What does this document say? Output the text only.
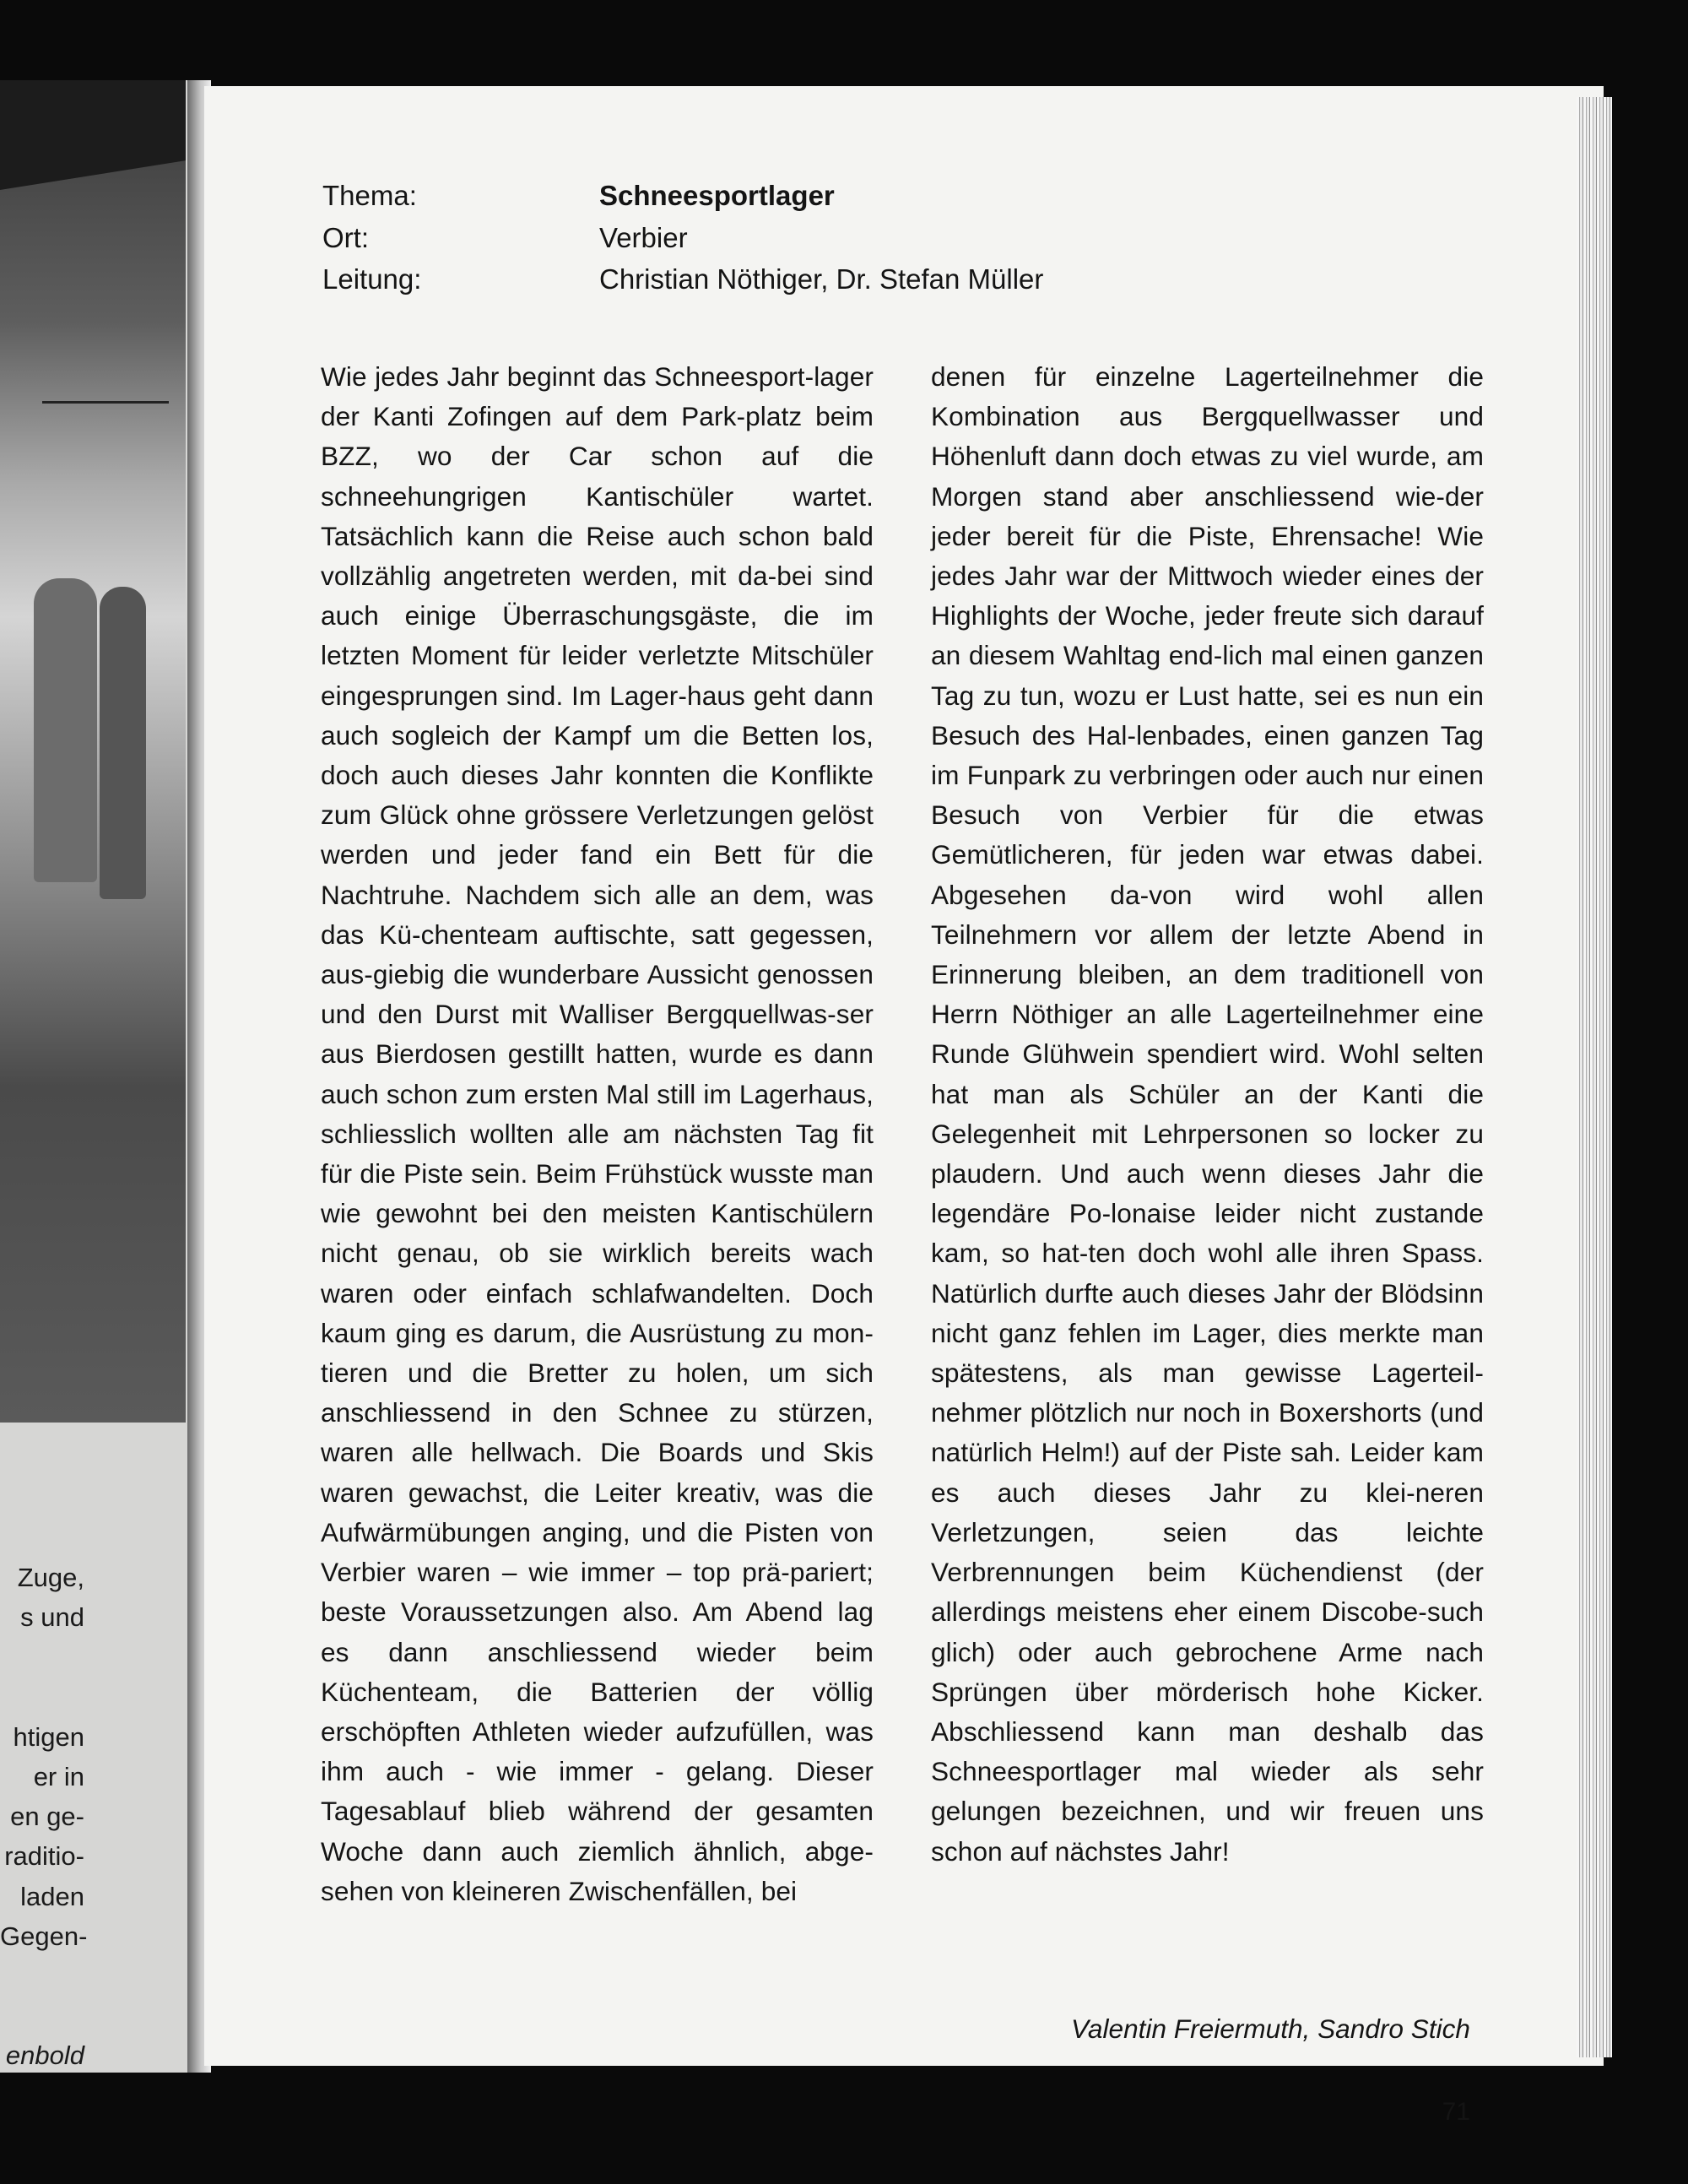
Zuge,
s und

htigen
er in
en ge-
raditio-
laden
Gegen-

enbold
Thema:	Schneesportlager
Ort:	Verbier
Leitung:	Christian Nöthiger, Dr. Stefan Müller
Wie jedes Jahr beginnt das Schneesport-lager der Kanti Zofingen auf dem Park-platz beim BZZ, wo der Car schon auf die schneehungrigen Kantischüler wartet. Tatsächlich kann die Reise auch schon bald vollzählig angetreten werden, mit da-bei sind auch einige Überraschungsgäste, die im letzten Moment für leider verletzte Mitschüler eingesprungen sind. Im Lager-haus geht dann auch sogleich der Kampf um die Betten los, doch auch dieses Jahr konnten die Konflikte zum Glück ohne grössere Verletzungen gelöst werden und jeder fand ein Bett für die Nachtruhe. Nachdem sich alle an dem, was das Kü-chenteam auftischte, satt gegessen, aus-giebig die wunderbare Aussicht genossen und den Durst mit Walliser Bergquellwas-ser aus Bierdosen gestillt hatten, wurde es dann auch schon zum ersten Mal still im Lagerhaus, schliesslich wollten alle am nächsten Tag fit für die Piste sein. Beim Frühstück wusste man wie gewohnt bei den meisten Kantischülern nicht genau, ob sie wirklich bereits wach waren oder einfach schlafwandelten. Doch kaum ging es darum, die Ausrüstung zu mon-tieren und die Bretter zu holen, um sich anschliessend in den Schnee zu stürzen, waren alle hellwach. Die Boards und Skis waren gewachst, die Leiter kreativ, was die Aufwärmübungen anging, und die Pisten von Verbier waren – wie immer – top prä-pariert; beste Voraussetzungen also. Am Abend lag es dann anschliessend wieder beim Küchenteam, die Batterien der völlig erschöpften Athleten wieder aufzufüllen, was ihm auch - wie immer - gelang. Dieser Tagesablauf blieb während der gesamten Woche dann auch ziemlich ähnlich, abge-sehen von kleineren Zwischenfällen, bei
denen für einzelne Lagerteilnehmer die Kombination aus Bergquellwasser und Höhenluft dann doch etwas zu viel wurde, am Morgen stand aber anschliessend wie-der jeder bereit für die Piste, Ehrensache! Wie jedes Jahr war der Mittwoch wieder eines der Highlights der Woche, jeder freute sich darauf an diesem Wahltag end-lich mal einen ganzen Tag zu tun, wozu er Lust hatte, sei es nun ein Besuch des Hal-lenbades, einen ganzen Tag im Funpark zu verbringen oder auch nur einen Besuch von Verbier für die etwas Gemütlicheren, für jeden war etwas dabei. Abgesehen da-von wird wohl allen Teilnehmern vor allem der letzte Abend in Erinnerung bleiben, an dem traditionell von Herrn Nöthiger an alle Lagerteilnehmer eine Runde Glühwein spendiert wird. Wohl selten hat man als Schüler an der Kanti die Gelegenheit mit Lehrpersonen so locker zu plaudern. Und auch wenn dieses Jahr die legendäre Po-lonaise leider nicht zustande kam, so hat-ten doch wohl alle ihren Spass. Natürlich durfte auch dieses Jahr der Blödsinn nicht ganz fehlen im Lager, dies merkte man spätestens, als man gewisse Lagerteil-nehmer plötzlich nur noch in Boxershorts (und natürlich Helm!) auf der Piste sah. Leider kam es auch dieses Jahr zu klei-neren Verletzungen, seien das leichte Verbrennungen beim Küchendienst (der allerdings meistens eher einem Discobe-such glich) oder auch gebrochene Arme nach Sprüngen über mörderisch hohe Kicker. Abschliessend kann man deshalb das Schneesportlager mal wieder als sehr gelungen bezeichnen, und wir freuen uns schon auf nächstes Jahr!
Valentin Freiermuth, Sandro Stich
71
